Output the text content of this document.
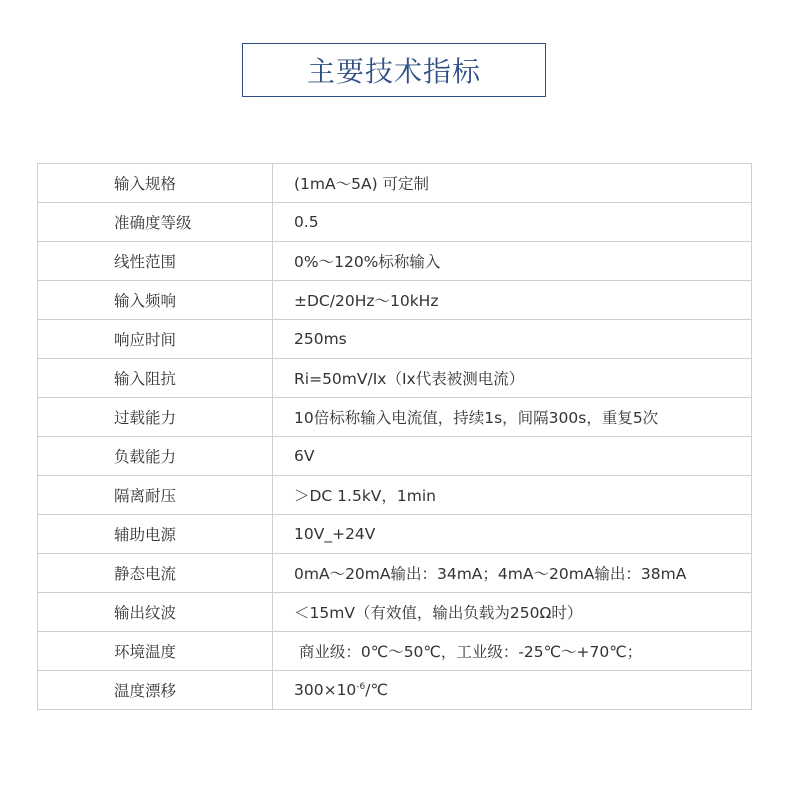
主要技术指标
输入规格	(1mA～5A) 可定制
准确度等级	0.5
线性范围	0%～120%标称输入
输入频响	±DC/20Hz～10kHz
响应时间	250ms
输入阻抗	Ri=50mV/Ix（Ix代表被测电流）
过载能力	10倍标称输入电流值，持续1s，间隔300s，重复5次
负载能力	6V
隔离耐压	＞DC 1.5kV，1min
辅助电源	10V_+24V
静态电流	0mA～20mA输出：34mA；4mA～20mA输出：38mA
输出纹波	＜15mV（有效值，输出负载为250Ω时）
环境温度	商业级：0℃～50℃，工业级：-25℃～+70℃；
温度漂移	$300\times 10^{-6}/℃$
